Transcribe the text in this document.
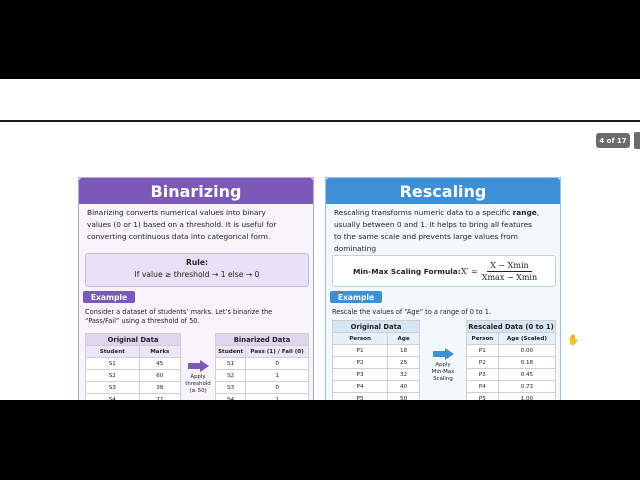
4 of 17
Binarizing
Binarizing converts numerical values into binary
values (0 or 1) based on a threshold. It is useful for
converting continuous data into categorical form.
Rule:
If value ≥ threshold → 1 else → 0
Example
Consider a dataset of students’ marks. Let’s binarize the
“Pass/Fail” using a threshold of 50.
Original Data	
Student	Marks
S1	45
S2	60
S3	38
S4	72
Apply
threshold
(≥ 50)
Binarized Data	
Student	Pass (1) / Fail (0)
S1	0
S2	1
S3	0
S4	1
Rescaling
Rescaling transforms numeric data to a specific range,
usually between 0 and 1. It helps to bring all features
to the same scale and prevents large values from dominating
Min-Max Scaling Formula: $X' = \frac{X - Xmin}{Xmax - Xmin}$
Example
Rescale the values of “Age” to a range of 0 to 1.
Original Data	
Person	Age
P1	18
P2	25
P3	32
P4	40
P5	50
Apply
Min-Max
Scaling
Rescaled Data (0 to 1)	
Person	Age (Scaled)
P1	0.00
P2	0.18
P3	0.45
P4	0.73
P5	1.00
✋
